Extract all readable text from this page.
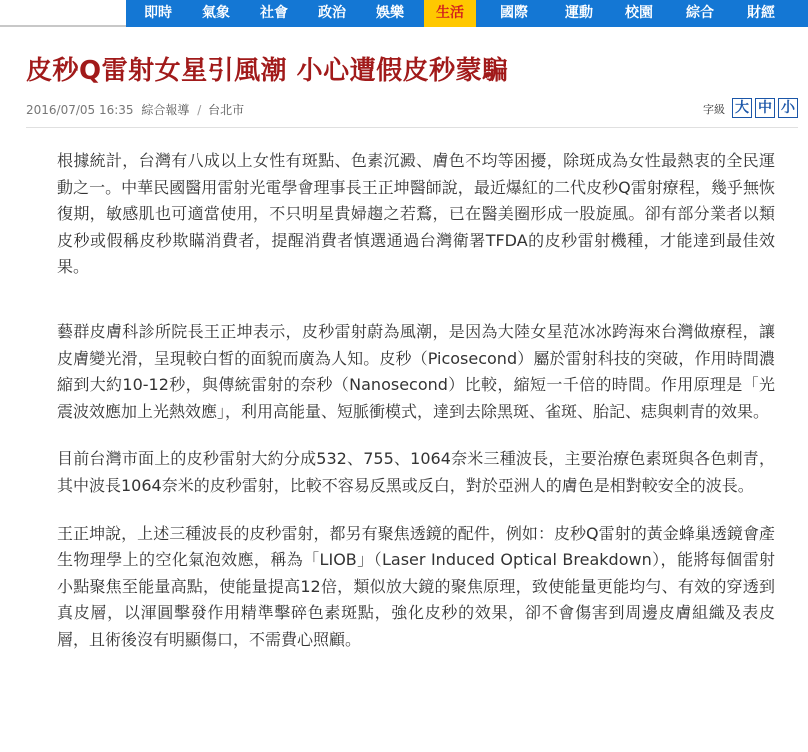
即時	氣象	社會	政治	娛樂	生活	國際	運動	校園	綜合	財經
皮秒Q雷射女星引風潮 小心遭假皮秒蒙騙
2016/07/05 16:35 綜合報導 / 台北市	字級 大 中 小

根據統計，台灣有八成以上女性有斑點、色素沉澱、膚色不均等困擾，除斑成為女性最熱衷的全民運動之一。中華民國醫用雷射光電學會理事長王正坤醫師說，最近爆紅的二代皮秒Q雷射療程，幾乎無恢復期，敏感肌也可適當使用，不只明星貴婦趨之若鶩，已在醫美圈形成一股旋風。卻有部分業者以類皮秒或假稱皮秒欺瞞消費者，提醒消費者慎選通過台灣衛署TFDA的皮秒雷射機種，才能達到最佳效果。

藝群皮膚科診所院長王正坤表示，皮秒雷射蔚為風潮，是因為大陸女星范冰冰跨海來台灣做療程，讓皮膚變光滑，呈現較白皙的面貌而廣為人知。皮秒（Picosecond）屬於雷射科技的突破，作用時間濃縮到大約10-12秒，與傳統雷射的奈秒（Nanosecond）比較，縮短一千倍的時間。作用原理是「光震波效應加上光熱效應」，利用高能量、短脈衝模式，達到去除黑斑、雀斑、胎記、痣與刺青的效果。

目前台灣市面上的皮秒雷射大約分成532、755、1064奈米三種波長，主要治療色素斑與各色刺青，其中波長1064奈米的皮秒雷射，比較不容易反黑或反白，對於亞洲人的膚色是相對較安全的波長。

王正坤說，上述三種波長的皮秒雷射，都另有聚焦透鏡的配件，例如：皮秒Q雷射的黃金蜂巢透鏡會產生物理學上的空化氣泡效應，稱為「LIOB」（Laser Induced Optical Breakdown），能將每個雷射小點聚焦至能量高點，使能量提高12倍，類似放大鏡的聚焦原理，致使能量更能均勻、有效的穿透到真皮層，以渾圓擊發作用精準擊碎色素斑點，強化皮秒的效果，卻不會傷害到周邊皮膚組織及表皮層，且術後沒有明顯傷口，不需費心照顧。
